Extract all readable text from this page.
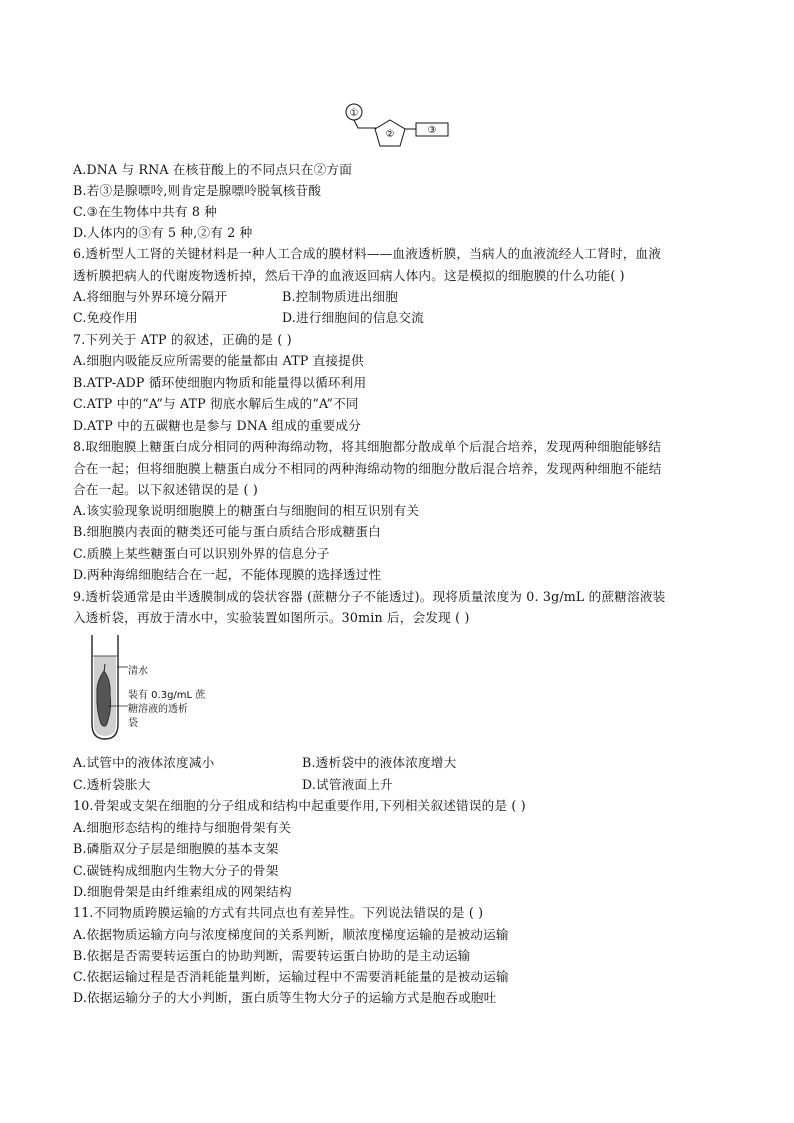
①
②	③
A.DNA 与 RNA 在核苷酸上的不同点只在②方面
B.若③是腺嘌呤,则肯定是腺嘌呤脱氧核苷酸
C.③在生物体中共有 8 种
D.人体内的③有 5 种,②有 2 种
6.透析型人工肾的关键材料是一种人工合成的膜材料——血液透析膜，当病人的血液流经人工肾时，血液
透析膜把病人的代谢废物透析掉，然后干净的血液返回病人体内。这是模拟的细胞膜的什么功能( )
A.将细胞与外界环境分隔开	B.控制物质进出细胞
C.免疫作用	D.进行细胞间的信息交流
7.下列关于 ATP 的叙述，正确的是 ( )
A.细胞内吸能反应所需要的能量都由 ATP 直接提供
B.ATP-ADP 循环使细胞内物质和能量得以循环利用
C.ATP 中的“A”与 ATP 彻底水解后生成的“A”不同
D.ATP 中的五碳糖也是参与 DNA 组成的重要成分
8.取细胞膜上糖蛋白成分相同的两种海绵动物，将其细胞都分散成单个后混合培养，发现两种细胞能够结
合在一起；但将细胞膜上糖蛋白成分不相同的两种海绵动物的细胞分散后混合培养，发现两种细胞不能结
合在一起。以下叙述错误的是 ( )
A.该实验现象说明细胞膜上的糖蛋白与细胞间的相互识别有关
B.细胞膜内表面的糖类还可能与蛋白质结合形成糖蛋白
C.质膜上某些糖蛋白可以识别外界的信息分子
D.两种海绵细胞结合在一起，不能体现膜的选择透过性
9.透析袋通常是由半透膜制成的袋状容器 (蔗糖分子不能透过)。现将质量浓度为 0. 3g/mL 的蔗糖溶液装
入透析袋，再放于清水中，实验装置如图所示。30min 后，会发现 ( )
清水
装有 0.3g/mL 蔗
糖溶液的透析
袋
A.试管中的液体浓度减小	B.透析袋中的液体浓度增大
C.透析袋胀大	D.试管液面上升
10.骨架或支架在细胞的分子组成和结构中起重要作用,下列相关叙述错误的是 ( )
A.细胞形态结构的维持与细胞骨架有关
B.磷脂双分子层是细胞膜的基本支架
C.碳链构成细胞内生物大分子的骨架
D.细胞骨架是由纤维素组成的网架结构
11.不同物质跨膜运输的方式有共同点也有差异性。下列说法错误的是 ( )
A.依据物质运输方向与浓度梯度间的关系判断，顺浓度梯度运输的是被动运输
B.依据是否需要转运蛋白的协助判断，需要转运蛋白协助的是主动运输
C.依据运输过程是否消耗能量判断，运输过程中不需要消耗能量的是被动运输
D.依据运输分子的大小判断，蛋白质等生物大分子的运输方式是胞吞或胞吐
